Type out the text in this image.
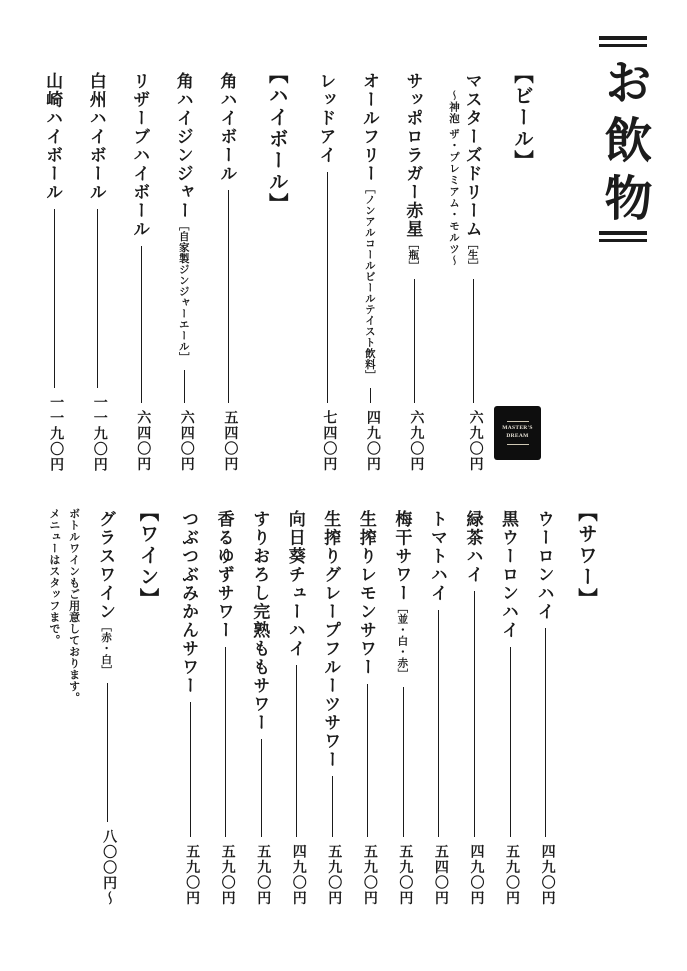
お飲物
MASTER'S DREAM
【ビール】
マスターズドリーム［生］
〜神泡 ザ・プレミアム・モルツ〜
六九〇円
サッポロラガー赤星［瓶］
六九〇円
オールフリー［ノンアルコールビールテイスト飲料］
四九〇円
レッドアイ
七四〇円
【ハイボール】
角ハイボール
五四〇円
角ハイジンジャー［自家製ジンジャーエール］
六四〇円
リザーブハイボール
六四〇円
白州ハイボール
一一九〇円
山崎ハイボール
一一九〇円
【サワー】
ウーロンハイ
四九〇円
黒ウーロンハイ
五九〇円
緑茶ハイ
四九〇円
トマトハイ
五四〇円
梅干サワー［並・白・赤］
五九〇円
生搾りレモンサワー
五九〇円
生搾りグレープフルーツサワー
五九〇円
向日葵チューハイ
四九〇円
すりおろし完熟ももサワー
五九〇円
香るゆずサワー
五九〇円
つぶつぶみかんサワー
五九〇円
【ワイン】
グラスワイン［赤・白］
八〇〇円〜
ボトルワインもご用意しております。
メニューはスタッフまで。
